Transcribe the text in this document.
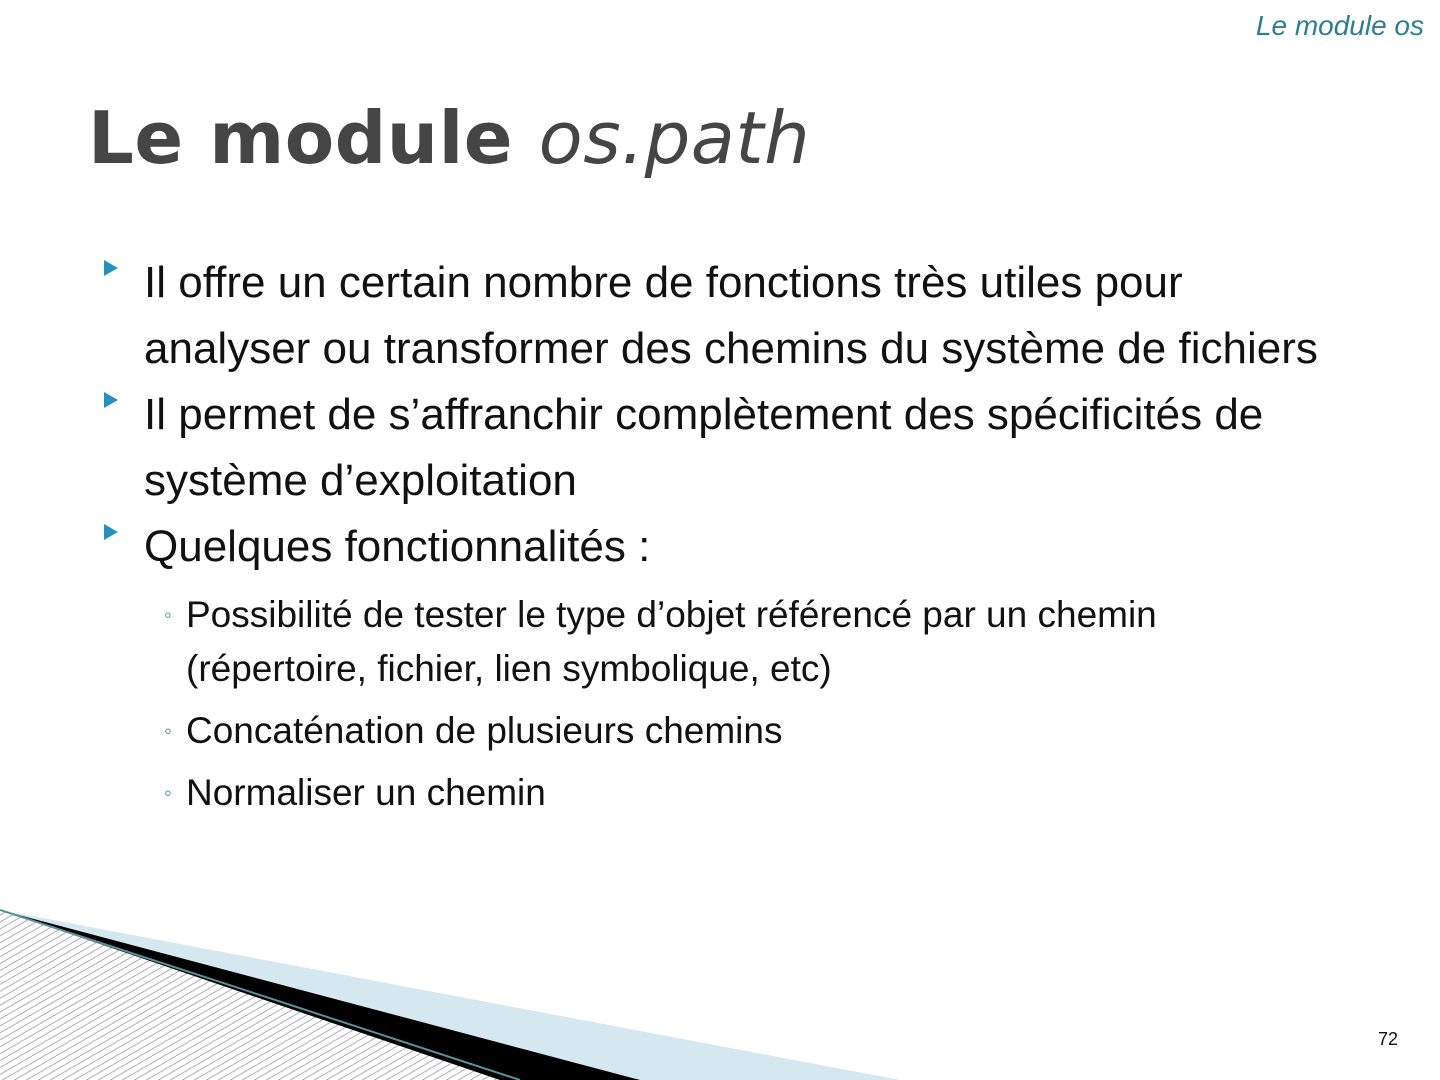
Le module os
Le module os.path
Il offre un certain nombre de fonctions très utiles pour analyser ou transformer des chemins du système de fichiers
Il permet de s’affranchir complètement des spécificités de système d’exploitation
Quelques fonctionnalités :
◦ Possibilité de tester le type d’objet référencé par un chemin (répertoire, fichier, lien symbolique, etc)
◦ Concaténation de plusieurs chemins
◦ Normaliser un chemin
72
